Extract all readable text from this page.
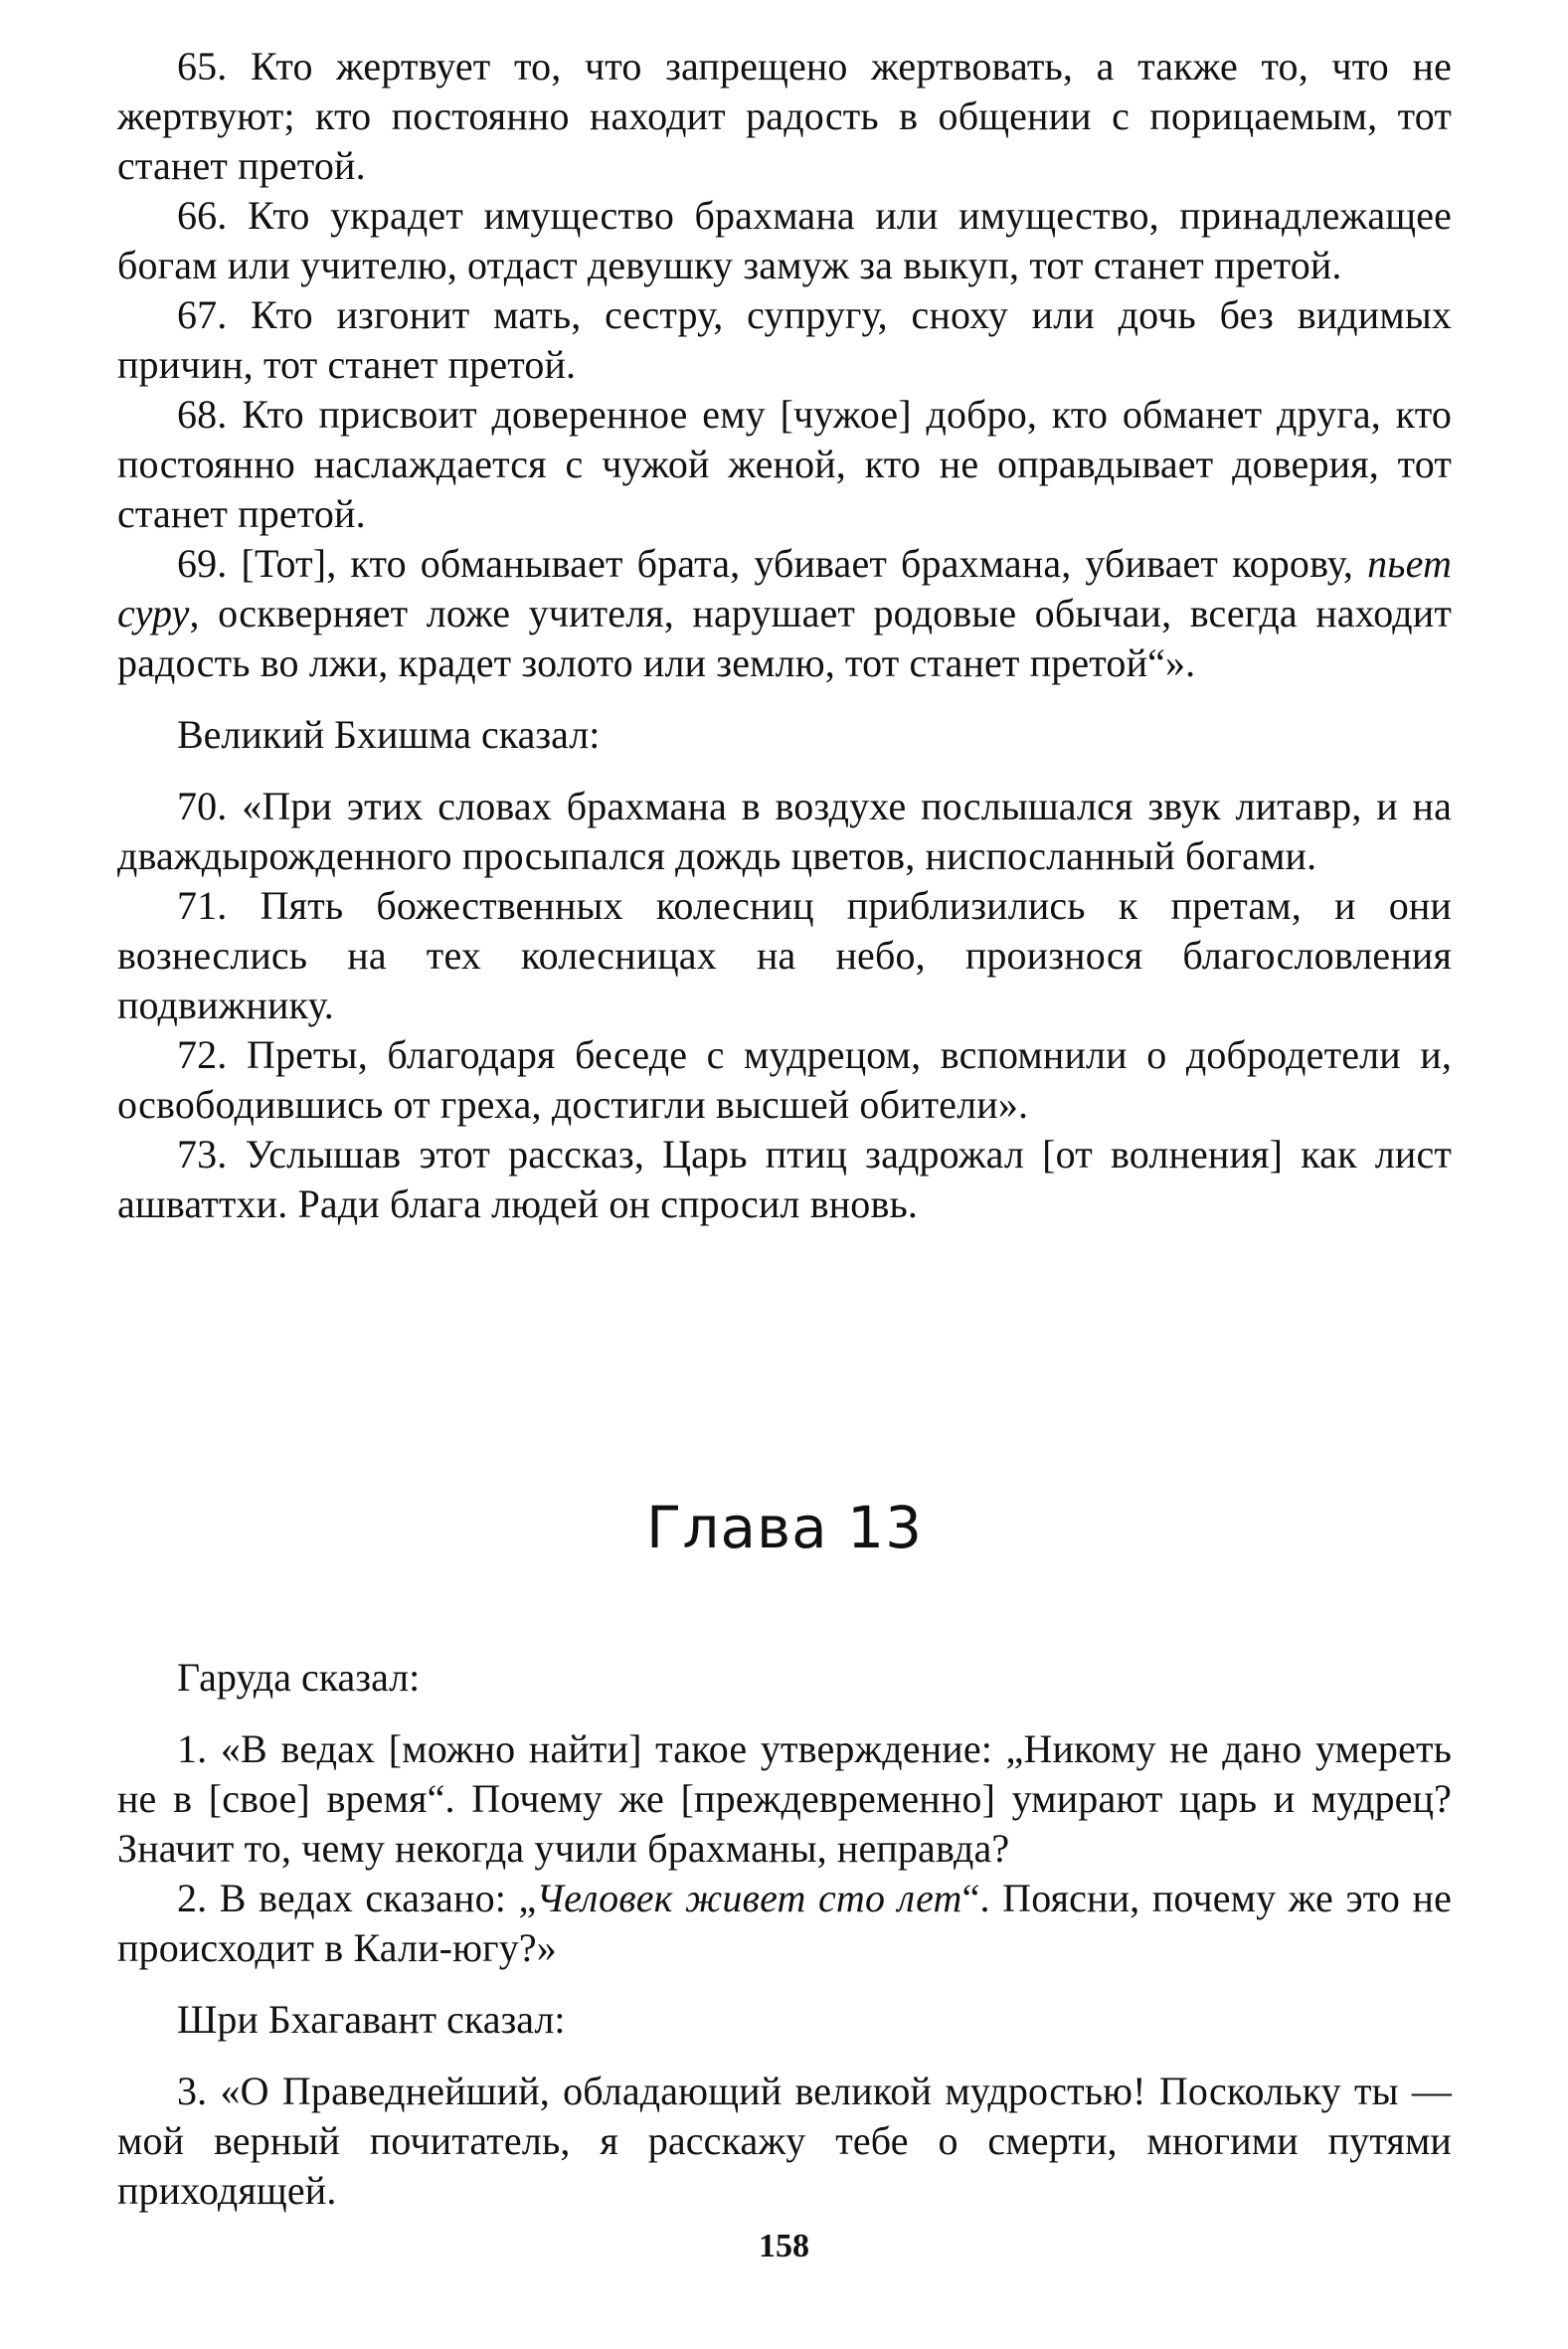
65. Кто жертвует то, что запрещено жертвовать, а также то, что не жертвуют; кто постоянно находит радость в общении с порицаемым, тот станет претой.

66. Кто украдет имущество брахмана или имущество, принадлежащее богам или учителю, отдаст девушку замуж за выкуп, тот станет претой.

67. Кто изгонит мать, сестру, супругу, сноху или дочь без видимых причин, тот станет претой.

68. Кто присвоит доверенное ему [чужое] добро, кто обманет друга, кто постоянно наслаждается с чужой женой, кто не оправдывает доверия, тот станет претой.

69. [Тот], кто обманывает брата, убивает брахмана, убивает корову, пьет суру, оскверняет ложе учителя, нарушает родовые обычаи, всегда находит радость во лжи, крадет золото или землю, тот станет претой“».

Великий Бхишма сказал:

70. «При этих словах брахмана в воздухе послышался звук литавр, и на дваждырожденного просыпался дождь цветов, ниспосланный богами.

71. Пять божественных колесниц приблизились к претам, и они вознеслись на тех колесницах на небо, произнося благословления подвижнику.

72. Преты, благодаря беседе с мудрецом, вспомнили о добродетели и, освободившись от греха, достигли высшей обители».

73. Услышав этот рассказ, Царь птиц задрожал [от волнения] как лист ашваттхи. Ради блага людей он спросил вновь.

Глава 13

Гаруда сказал:

1. «В ведах [можно найти] такое утверждение: „Никому не дано умереть не в [свое] время“. Почему же [преждевременно] умирают царь и мудрец? Значит то, чему некогда учили брахманы, неправда?

2. В ведах сказано: „Человек живет сто лет“. Поясни, почему же это не происходит в Кали-югу?»

Шри Бхагавант сказал:

3. «О Праведнейший, обладающий великой мудростью! Поскольку ты — мой верный почитатель, я расскажу тебе о смерти, многими путями приходящей.

158
